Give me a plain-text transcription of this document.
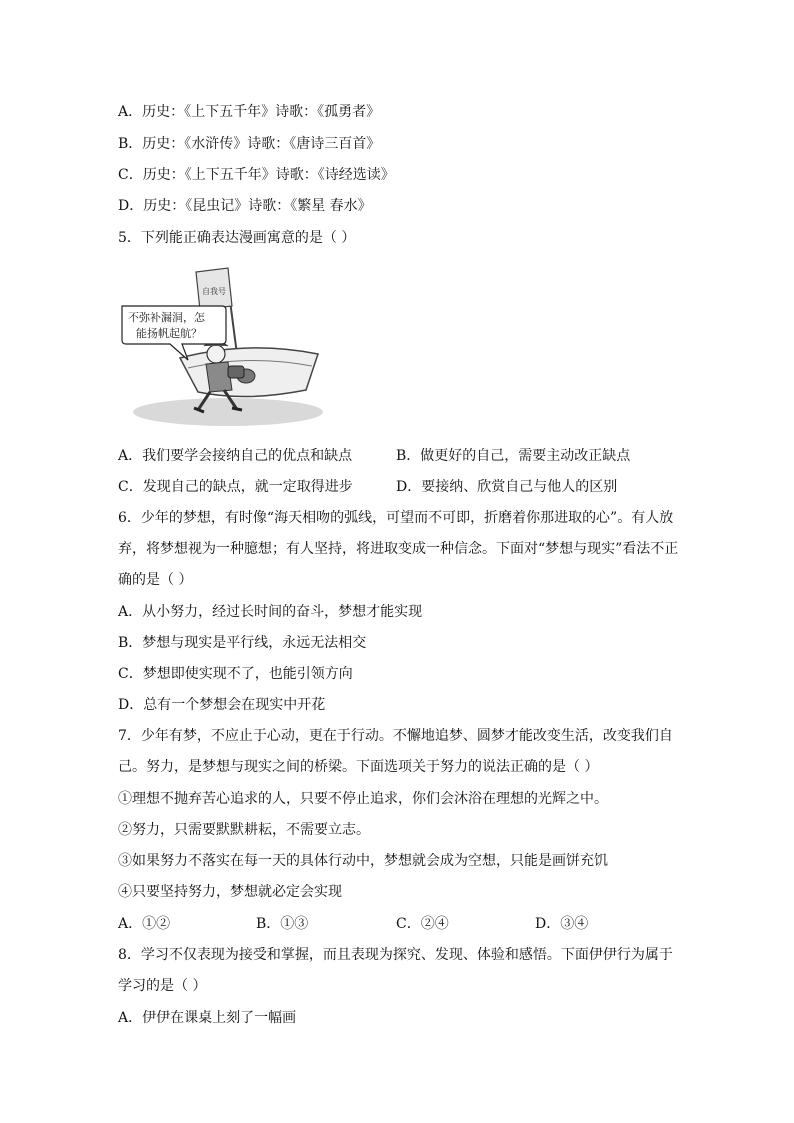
A．历史：《上下五千年》诗歌：《孤勇者》
B．历史：《水浒传》诗歌：《唐诗三百首》
C．历史：《上下五千年》诗歌：《诗经选读》
D．历史：《昆虫记》诗歌：《繁星 春水》
5．下列能正确表达漫画寓意的是（ ）
自我号
不弥补漏洞，怎
能扬帆起航？
A．我们要学会接纳自己的优点和缺点	B．做更好的自己，需要主动改正缺点
C．发现自己的缺点，就一定取得进步	D．要接纳、欣赏自己与他人的区别
6．少年的梦想，有时像“海天相吻的弧线，可望而不可即，折磨着你那进取的心”。有人放
弃，将梦想视为一种臆想；有人坚持，将进取变成一种信念。下面对“梦想与现实”看法不正
确的是（ ）
A．从小努力，经过长时间的奋斗，梦想才能实现
B．梦想与现实是平行线，永远无法相交
C．梦想即使实现不了，也能引领方向
D．总有一个梦想会在现实中开花
7．少年有梦，不应止于心动，更在于行动。不懈地追梦、圆梦才能改变生活，改变我们自
己。努力，是梦想与现实之间的桥梁。下面选项关于努力的说法正确的是（ ）
①理想不抛弃苦心追求的人，只要不停止追求，你们会沐浴在理想的光辉之中。
②努力，只需要默默耕耘，不需要立志。
③如果努力不落实在每一天的具体行动中，梦想就会成为空想，只能是画饼充饥
④只要坚持努力，梦想就必定会实现
A．①②	B．①③	C．②④	D．③④
8．学习不仅表现为接受和掌握，而且表现为探究、发现、体验和感悟。下面伊伊行为属于
学习的是（ ）
A．伊伊在课桌上刻了一幅画
